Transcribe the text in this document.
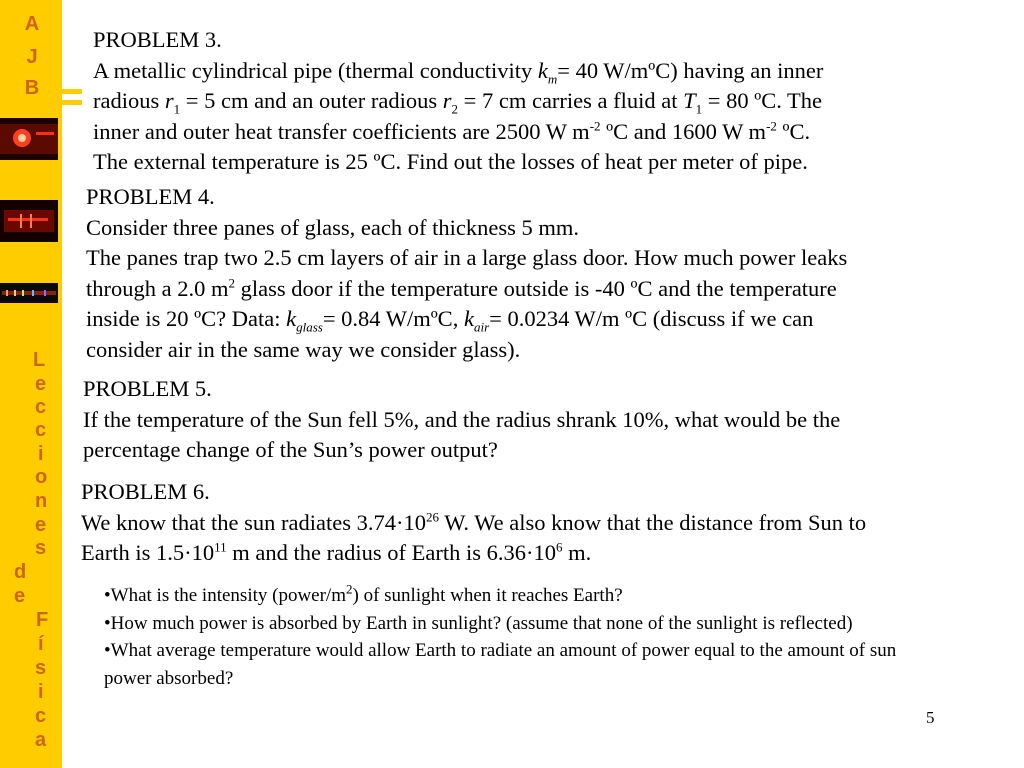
A
J
B
L
e
c
c
i
o
n
e
s
d
e
F
í
s
i
c
a
PROBLEM 3.
A metallic cylindrical pipe (thermal conductivity $k_m= 40$ W/mºC) having an inner
radious $r_1 = 5$ cm and an outer radious $r_2 = 7$ cm carries a fluid at $T_1 = 80$ ºC. The
inner and outer heat transfer coefficients are 2500 W $m^{-2}$ ºC and 1600 W $m^{-2}$ ºC.
The external temperature is 25 ºC. Find out the losses of heat per meter of pipe.
PROBLEM 4.
Consider three panes of glass, each of thickness 5 mm.
The panes trap two 2.5 cm layers of air in a large glass door. How much power leaks
through a 2.0 $m^2$ glass door if the temperature outside is -40 ºC and the temperature
inside is 20 ºC? Data: $k_{glass}= 0.84$ W/mºC, $k_{air}= 0.0234$ W/m ºC (discuss if we can
consider air in the same way we consider glass).
PROBLEM 5.
If the temperature of the Sun fell 5%, and the radius shrank 10%, what would be the
percentage change of the Sun’s power output?
PROBLEM 6.
We know that the sun radiates $3.74\cdot 10^{26}$ W. We also know that the distance from Sun to
Earth is $1.5\cdot 10^{11}$ m and the radius of Earth is $6.36\cdot 10^6$ m.
•What is the intensity $(power/m^2)$ of sunlight when it reaches Earth?
•How much power is absorbed by Earth in sunlight? (assume that none of the sunlight is reflected)
•What average temperature would allow Earth to radiate an amount of power equal to the amount of sun power absorbed?
5
